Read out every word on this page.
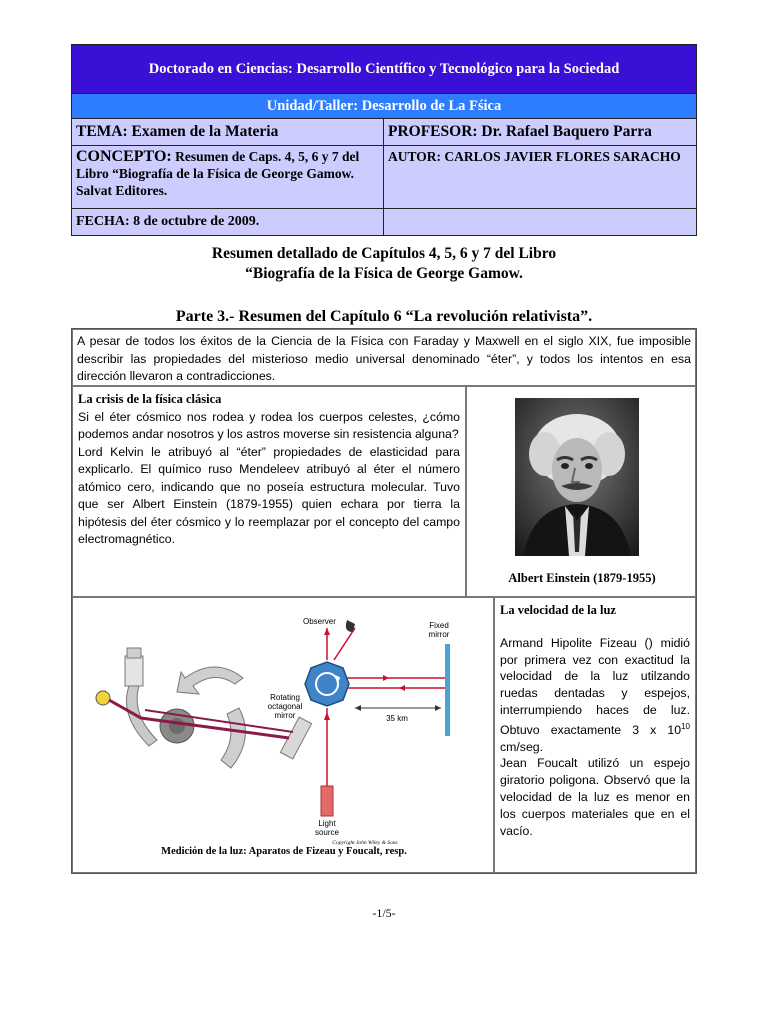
Doctorado en Ciencias: Desarrollo Científico y Tecnológico para la Sociedad	
Unidad/Taller: Desarrollo de La Fśica	
TEMA: Examen de la Materia	PROFESOR: Dr. Rafael Baquero Parra
CONCEPTO: Resumen de Caps. 4, 5, 6 y 7 del Libro “Biografía de la Física de George Gamow. Salvat Editores.	AUTOR: CARLOS JAVIER FLORES SARACHO
FECHA: 8 de octubre de 2009.	
Resumen detallado de Capítulos 4, 5, 6 y 7 del Libro
“Biografía de la Física de George Gamow.
Parte 3.- Resumen del Capítulo 6 “La revolución relativista”.
A pesar de todos los éxitos de la Ciencia de la Física con Faraday y Maxwell en el siglo XIX, fue imposible describir las propiedades del misterioso medio universal denominado “éter”, y todos los intentos en esa dirección llevaron a contradicciones.
La crisis de la física clásica
Si el éter cósmico nos rodea y rodea los cuerpos celestes, ¿cómo podemos andar nosotros y los astros moverse sin resistencia alguna?
Lord Kelvin le atribuyó al “éter” propiedades de elasticidad para explicarlo. El químico ruso Mendeleev atribuyó al éter el número atómico cero, indicando que no poseía estructura molecular. Tuvo que ser Albert Einstein (1879-1955) quien echara por tierra la hipótesis del éter cósmico y lo reemplazar por el concepto del campo electromagnético.
Albert Einstein (1879-1955)
Observer	Fixed
mirror
Rotating
octagonal
mirror	35 km
Light
source
Copyright John Wiley & Sons
Medición de la luz: Aparatos de Fizeau y Foucalt, resp.
La velocidad de la luz
Armand Hipolite Fizeau () midió por primera vez con exactitud la velocidad de la luz utilzando ruedas dentadas y espejos, interrumpiendo haces de luz. Obtuvo exactamente 3 x $10^{10}$ cm/seg.
Jean Foucalt utilizó un espejo giratorio poligona. Observó que la velocidad de la luz es menor en los cuerpos materiales que en el vacío.
-1/5-
